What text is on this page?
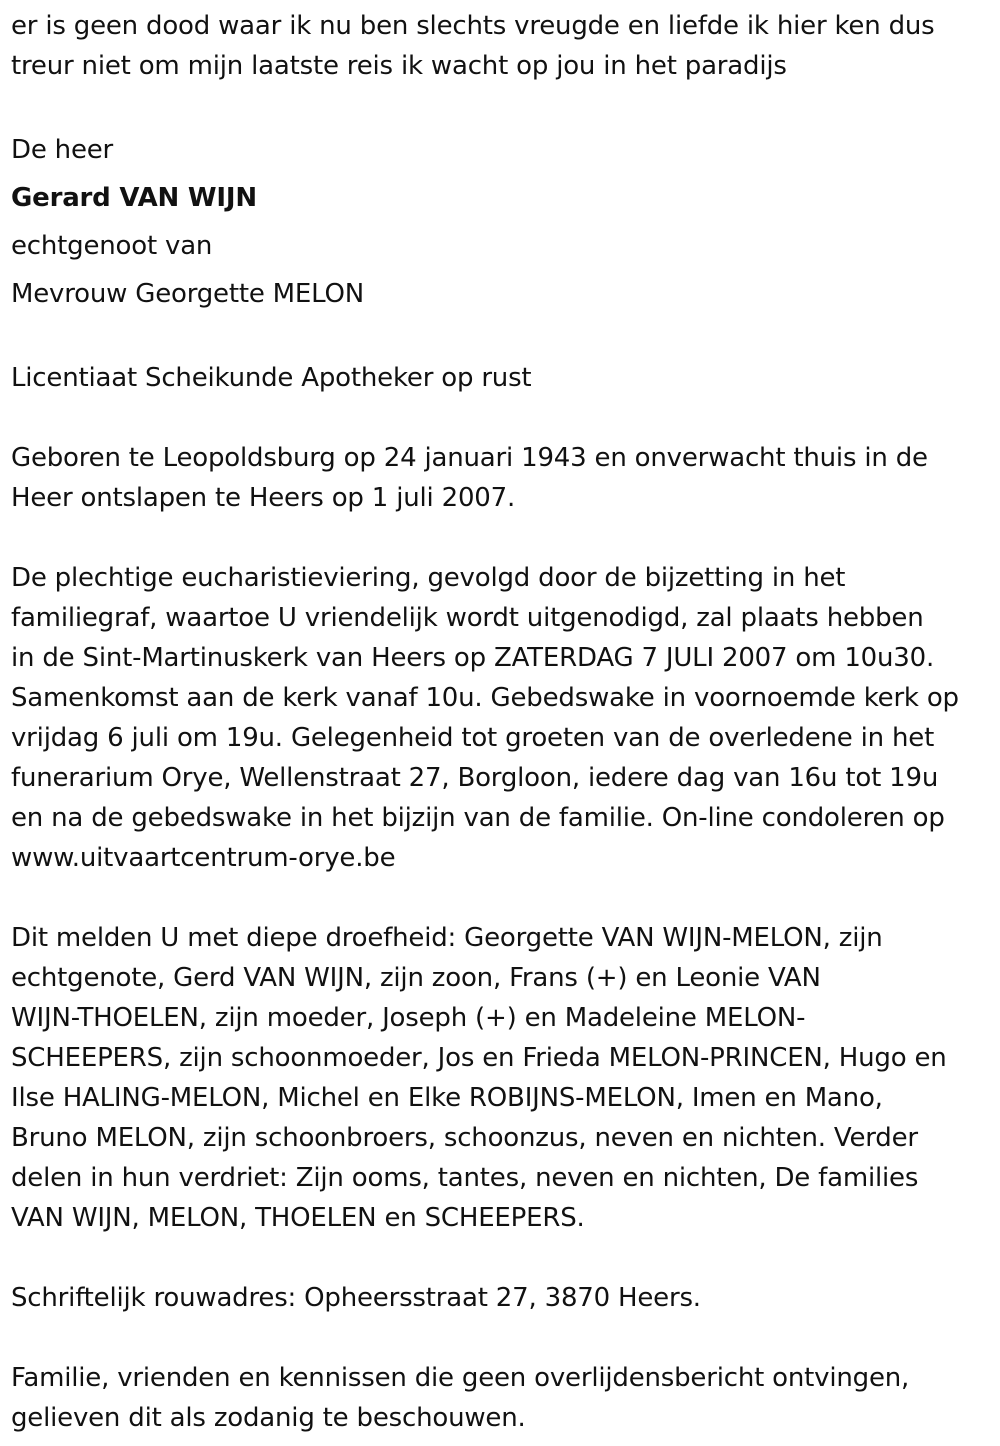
er is geen dood waar ik nu ben slechts vreugde en liefde ik hier ken dus
treur niet om mijn laatste reis ik wacht op jou in het paradijs
De heer
Gerard VAN WIJN
echtgenoot van
Mevrouw Georgette MELON
Licentiaat Scheikunde Apotheker op rust
Geboren te Leopoldsburg op 24 januari 1943 en onverwacht thuis in de
Heer ontslapen te Heers op 1 juli 2007.
De plechtige eucharistieviering, gevolgd door de bijzetting in het
familiegraf, waartoe U vriendelijk wordt uitgenodigd, zal plaats hebben
in de Sint-Martinuskerk van Heers op ZATERDAG 7 JULI 2007 om 10u30.
Samenkomst aan de kerk vanaf 10u. Gebedswake in voornoemde kerk op
vrijdag 6 juli om 19u. Gelegenheid tot groeten van de overledene in het
funerarium Orye, Wellenstraat 27, Borgloon, iedere dag van 16u tot 19u
en na de gebedswake in het bijzijn van de familie. On-line condoleren op
www.uitvaartcentrum-orye.be
Dit melden U met diepe droefheid: Georgette VAN WIJN-MELON, zijn
echtgenote, Gerd VAN WIJN, zijn zoon, Frans (+) en Leonie VAN
WIJN-THOELEN, zijn moeder, Joseph (+) en Madeleine MELON-
SCHEEPERS, zijn schoonmoeder, Jos en Frieda MELON-PRINCEN, Hugo en
Ilse HALING-MELON, Michel en Elke ROBIJNS-MELON, Imen en Mano,
Bruno MELON, zijn schoonbroers, schoonzus, neven en nichten. Verder
delen in hun verdriet: Zijn ooms, tantes, neven en nichten, De families
VAN WIJN, MELON, THOELEN en SCHEEPERS.
Schriftelijk rouwadres: Opheersstraat 27, 3870 Heers.
Familie, vrienden en kennissen die geen overlijdensbericht ontvingen,
gelieven dit als zodanig te beschouwen.
